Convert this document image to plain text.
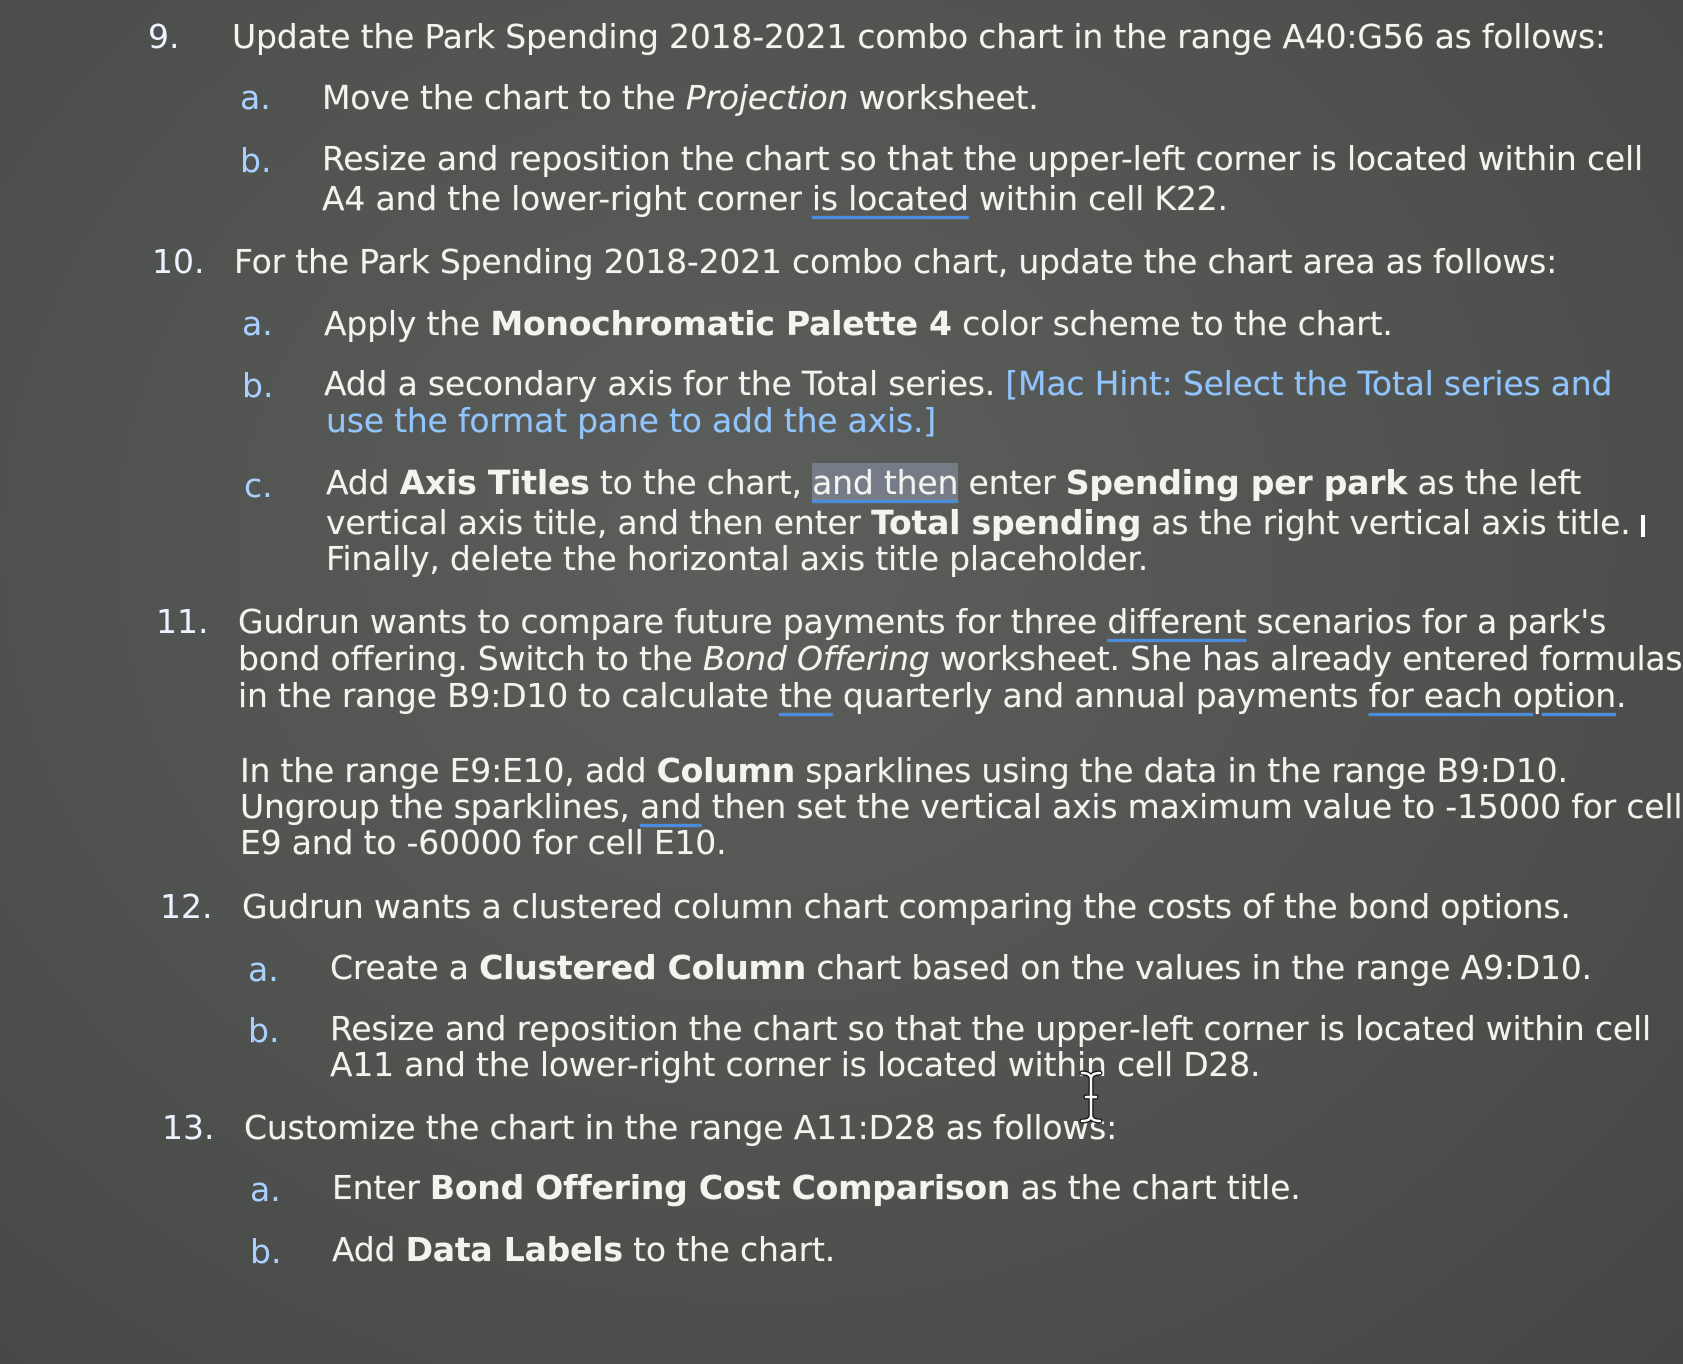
9. Update the Park Spending 2018-2021 combo chart in the range A40:G56 as follows:
a. Move the chart to the Projection worksheet.
b. Resize and reposition the chart so that the upper-left corner is located within cell
A4 and the lower-right corner is located within cell K22.
10. For the Park Spending 2018-2021 combo chart, update the chart area as follows:
a. Apply the Monochromatic Palette 4 color scheme to the chart.
b. Add a secondary axis for the Total series. [Mac Hint: Select the Total series and
use the format pane to add the axis.]
c. Add Axis Titles to the chart, and then enter Spending per park as the left
vertical axis title, and then enter Total spending as the right vertical axis title.
Finally, delete the horizontal axis title placeholder.
11. Gudrun wants to compare future payments for three different scenarios for a park's
bond offering. Switch to the Bond Offering worksheet. She has already entered formulas
in the range B9:D10 to calculate the quarterly and annual payments for each option.
In the range E9:E10, add Column sparklines using the data in the range B9:D10.
Ungroup the sparklines, and then set the vertical axis maximum value to -15000 for cell
E9 and to -60000 for cell E10.
12. Gudrun wants a clustered column chart comparing the costs of the bond options.
a. Create a Clustered Column chart based on the values in the range A9:D10.
b. Resize and reposition the chart so that the upper-left corner is located within cell
A11 and the lower-right corner is located within cell D28.
13. Customize the chart in the range A11:D28 as follows:
a. Enter Bond Offering Cost Comparison as the chart title.
b. Add Data Labels to the chart.
